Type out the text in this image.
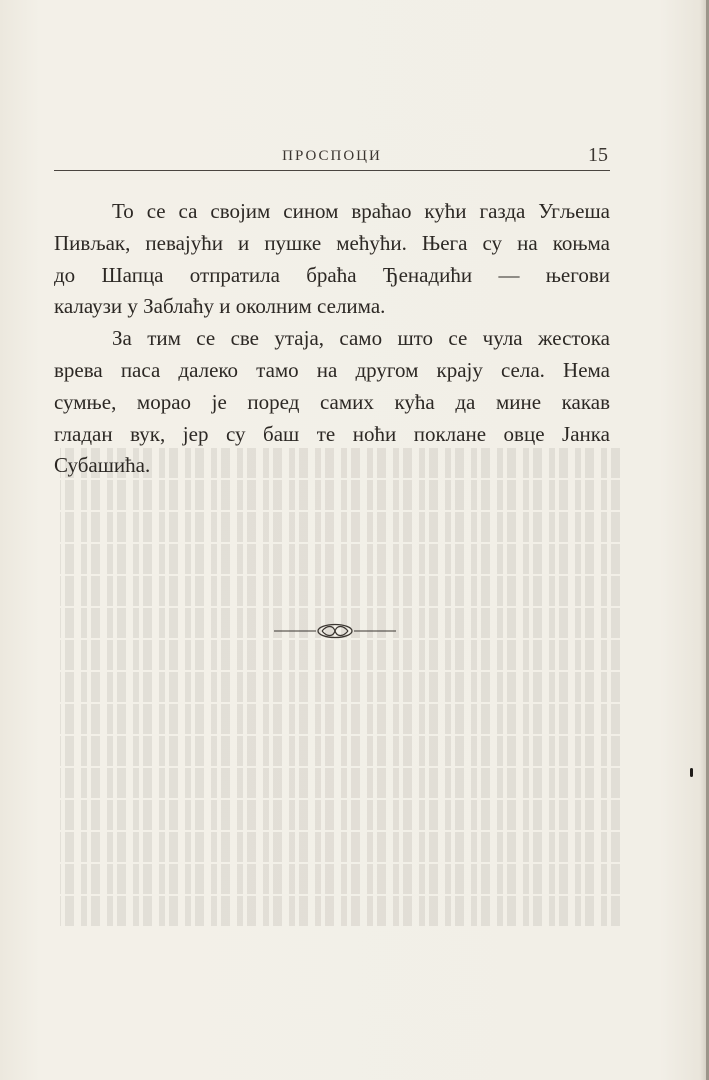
ПРОСПОЦИ	15
То се са својим сином враћао кући газда Угљеша
Пивљак, певајући и пушке мећући. Њега су на коњма
до Шапца отпратила браћа Ђенадићи — његови
калаузи у Заблаћу и околним селима.
За тим се све утаја, само што се чула жестока
врева паса далеко тамо на другом крају села. Нема
сумње, морао је поред самих кућа да мине какав
гладан вук, јер су баш те ноћи поклане овце Јанка
Субашића.
